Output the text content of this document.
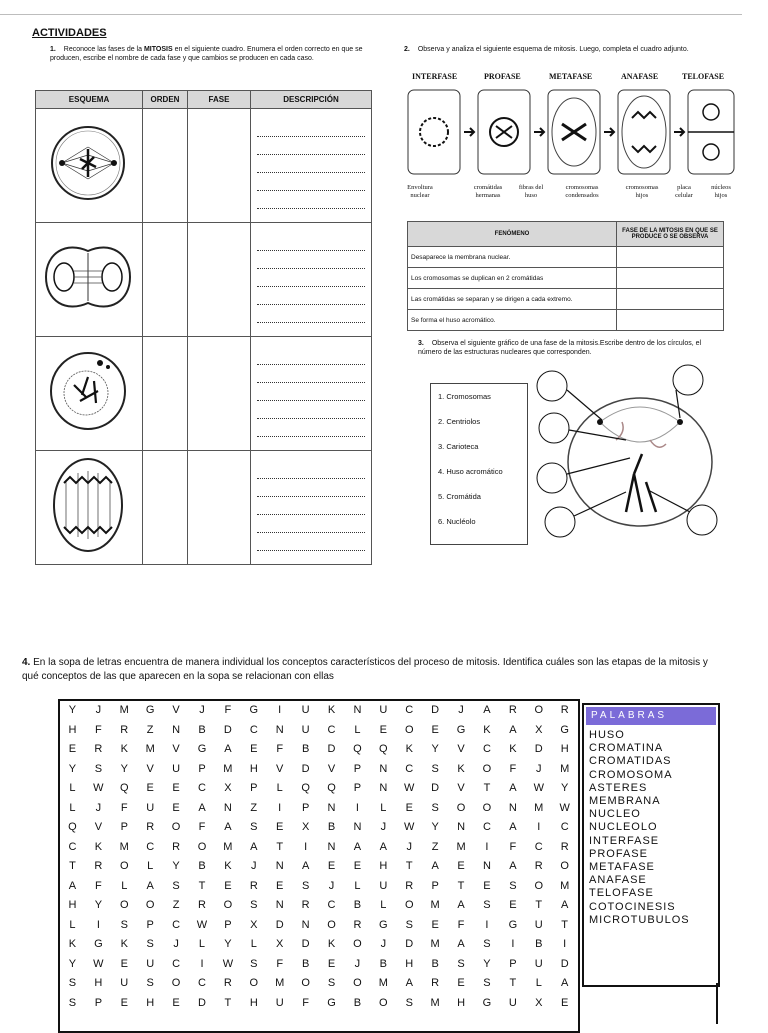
ACTIVIDADES
1. Reconoce las fases de la MITOSIS en el siguiente cuadro. Enumera el orden correcto en que se producen, escribe el nombre de cada fase y que cambios se producen en cada caso.
ESQUEMA	ORDEN	FASE	DESCRIPCIÓN

2. Observa y analiza el siguiente esquema de mitosis. Luego, completa el cuadro adjunto.
INTERFASE	PROFASE	METAFASE	ANAFASE	TELOFASE
Envoltura nuclear
cromátidas hermanas
fibras del huso
cromosomas condensados
cromosomas hijos
placa celular
núcleos hijos
FENÓMENO	FASE DE LA MITOSIS EN QUE SE PRODUCE O SE OBSERVA
Desaparece la membrana nuclear.	
Los cromosomas se duplican en 2 cromátidas	
Las cromátidas se separan y se dirigen a cada extremo.	
Se forma el huso acromático.	
3. Observa el siguiente gráfico de una fase de la mitosis.Escribe dentro de los círculos, el número de las estructuras nucleares que corresponden.
1. Cromosomas
2. Centriolos
3. Carioteca
4. Huso acromático
5. Cromátida
6. Nucléolo
4. En la sopa de letras encuentra de manera individual los conceptos característicos del proceso de mitosis. Identifica cuáles son las etapas de la mitosis y qué conceptos de las que aparecen en la sopa se relacionan con ellas
Y	J	M	G	V	J	F	G	I	U	K	N	U	C	D	J	A	R	O	R
H	F	R	Z	N	B	D	C	N	U	C	L	E	O	E	G	K	A	X	G
E	R	K	M	V	G	A	E	F	B	D	Q	Q	K	Y	V	C	K	D	H
Y	S	Y	V	U	P	M	H	V	D	V	P	N	C	S	K	O	F	J	M
L	W	Q	E	E	C	X	P	L	Q	Q	P	N	W	D	V	T	A	W	Y
L	J	F	U	E	A	N	Z	I	P	N	I	L	E	S	O	O	N	M	W
Q	V	P	R	O	F	A	S	E	X	B	N	J	W	Y	N	C	A	I	C
C	K	M	C	R	O	M	A	T	I	N	A	A	J	Z	M	I	F	C	R
T	R	O	L	Y	B	K	J	N	A	E	E	H	T	A	E	N	A	R	O
A	F	L	A	S	T	E	R	E	S	J	L	U	R	P	T	E	S	O	M
H	Y	O	O	Z	R	O	S	N	R	C	B	L	O	M	A	S	E	T	A
L	I	S	P	C	W	P	X	D	N	O	R	G	S	E	F	I	G	U	T
K	G	K	S	J	L	Y	L	X	D	K	O	J	D	M	A	S	I	B	I
Y	W	E	U	C	I	W	S	F	B	E	J	B	H	B	S	Y	P	U	D
S	H	U	S	O	C	R	O	M	O	S	O	M	A	R	E	S	T	L	A
S	P	E	H	E	D	T	H	U	F	G	B	O	S	M	H	G	U	X	E
PALABRAS
HUSO
CROMATINA
CROMATIDAS
CROMOSOMA
ASTERES
MEMBRANA
NUCLEO
NUCLEOLO
INTERFASE
PROFASE
METAFASE
ANAFASE
TELOFASE
COTOCINESIS
MICROTUBULOS
